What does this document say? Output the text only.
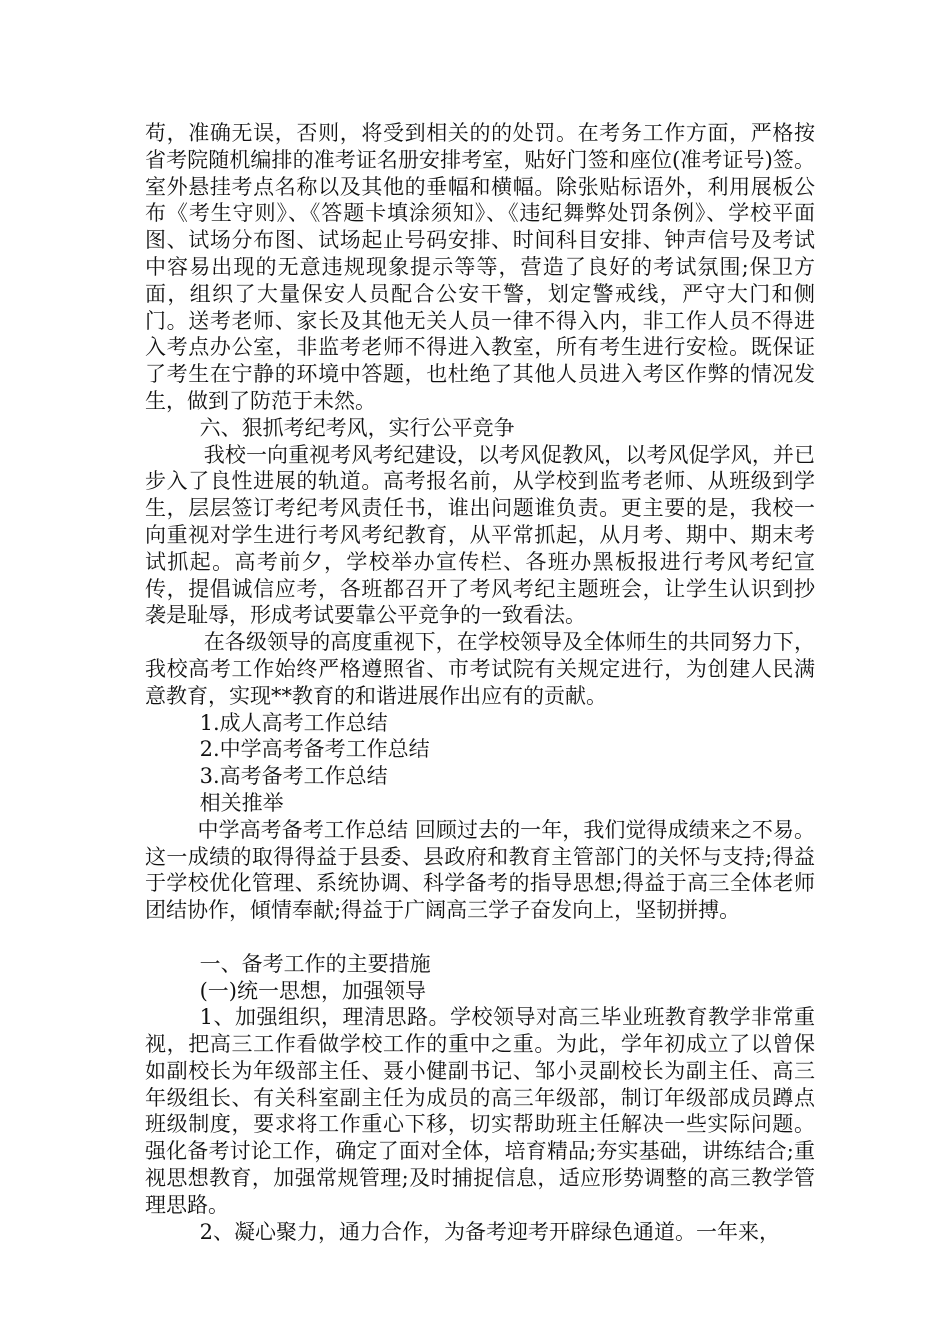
苟，准确无误，否则，将受到相关的的处罚。在考务工作方面，严格按省考院随机编排的准考证名册安排考室，贴好门签和座位(准考证号)签。室外悬挂考点名称以及其他的垂幅和横幅。除张贴标语外，利用展板公布《考生守则》、《答题卡填涂须知》、《违纪舞弊处罚条例》、学校平面图、试场分布图、试场起止号码安排、时间科目安排、钟声信号及考试中容易出现的无意违规现象提示等等，营造了良好的考试氛围;保卫方面，组织了大量保安人员配合公安干警，划定警戒线，严守大门和侧门。送考老师、家长及其他无关人员一律不得入内，非工作人员不得进入考点办公室，非监考老师不得进入教室，所有考生进行安检。既保证了考生在宁静的环境中答题，也杜绝了其他人员进入考区作弊的情况发生，做到了防范于未然。

六、狠抓考纪考风，实行公平竞争

我校一向重视考风考纪建设，以考风促教风，以考风促学风，并已步入了良性进展的轨道。高考报名前，从学校到监考老师、从班级到学生，层层签订考纪考风责任书，谁出问题谁负责。更主要的是，我校一向重视对学生进行考风考纪教育，从平常抓起，从月考、期中、期末考试抓起。高考前夕，学校举办宣传栏、各班办黑板报进行考风考纪宣传，提倡诚信应考，各班都召开了考风考纪主题班会，让学生认识到抄袭是耻辱，形成考试要靠公平竞争的一致看法。

在各级领导的高度重视下，在学校领导及全体师生的共同努力下，我校高考工作始终严格遵照省、市考试院有关规定进行，为创建人民满意教育，实现**教育的和谐进展作出应有的贡献。

1.成人高考工作总结

2.中学高考备考工作总结

3.高考备考工作总结

相关推举

中学高考备考工作总结 回顾过去的一年，我们觉得成绩来之不易。这一成绩的取得得益于县委、县政府和教育主管部门的关怀与支持;得益于学校优化管理、系统协调、科学备考的指导思想;得益于高三全体老师团结协作，傾情奉献;得益于广阔高三学子奋发向上，坚韧拼搏。

一、备考工作的主要措施

(一)统一思想，加强领导

1、加强组织，理清思路。学校领导对高三毕业班教育教学非常重视，把高三工作看做学校工作的重中之重。为此，学年初成立了以曾保如副校长为年级部主任、聂小健副书记、邹小灵副校长为副主任、高三年级组长、有关科室副主任为成员的高三年级部，制订年级部成员蹲点班级制度，要求将工作重心下移，切实帮助班主任解决一些实际问题。强化备考讨论工作，确定了面对全体，培育精品;夯实基础，讲练结合;重视思想教育，加强常规管理;及时捕捉信息，适应形势调整的高三教学管理思路。

2、凝心聚力，通力合作，为备考迎考开辟绿色通道。一年来，
